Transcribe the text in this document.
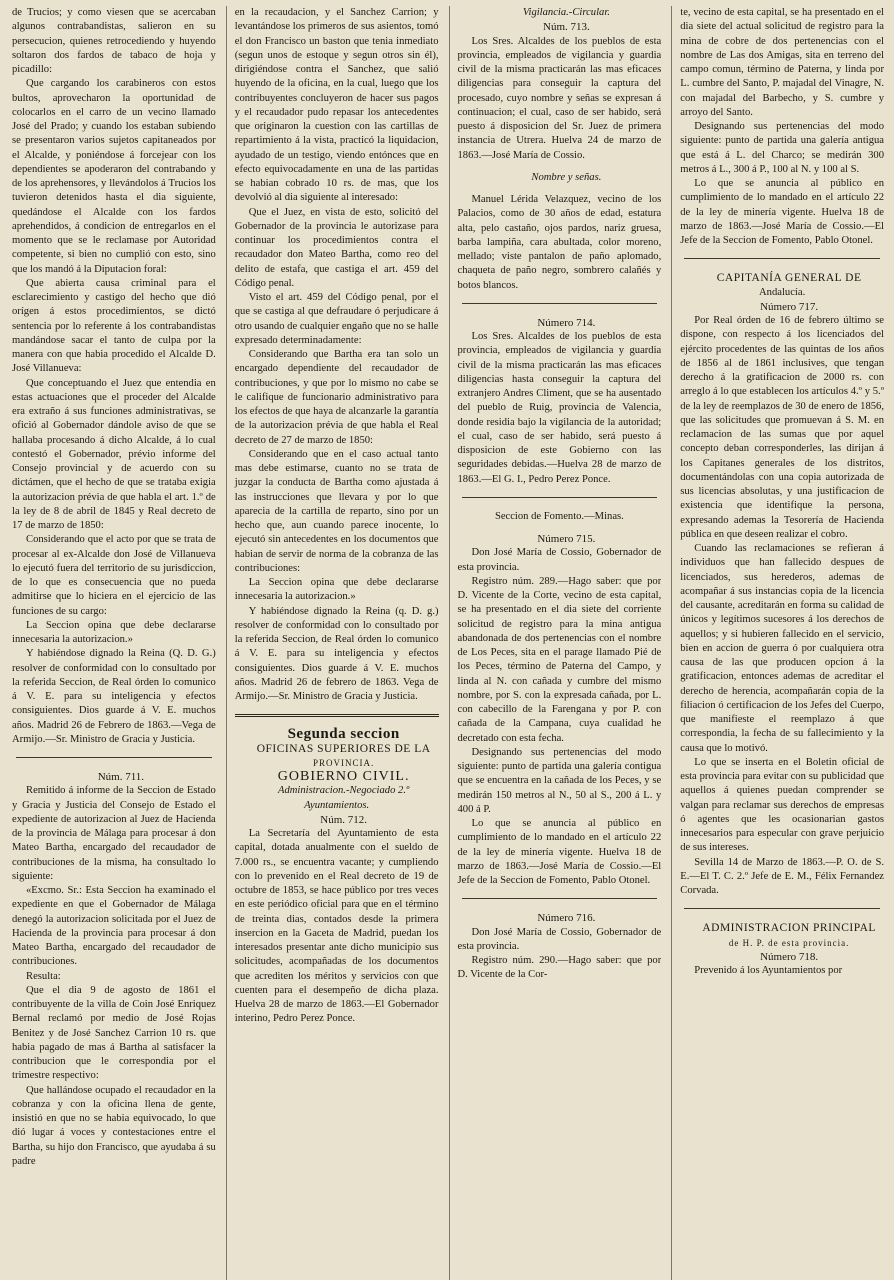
de Trucios; y como viesen que se acercaban algunos contrabandistas, salieron en su persecucion, quienes retrocediendo y huyendo soltaron dos fardos de tabaco de hoja y picadillo:

Que cargando los carabineros con estos bultos, aprovecharon la oportunidad de colocarlos en el carro de un vecino llamado José del Prado; y cuando los estaban subiendo se presentaron varios sujetos capitaneados por el Alcalde, y poniéndose á forcejear con los dependientes se apoderaron del contrabando y de los aprehensores, y llevándolos á Trucios los tuvieron detenidos hasta el dia siguiente, quedándose el Alcalde con los fardos aprehendidos, á condicion de entregarlos en el momento que se le reclamase por Autoridad competente, si bien no cumplió con esto, sino que los mandó á la Diputacion foral:

Que abierta causa criminal para el esclarecimiento y castigo del hecho que dió orígen á estos procedimientos, se dictó sentencia por lo referente á los contrabandistas mandándose sacar el tanto de culpa por la manera con que habia procedido el Alcalde D. José Villanueva:

Que conceptuando el Juez que entendia en estas actuaciones que el proceder del Alcalde era extraño á sus funciones administrativas, se ofició al Gobernador dándole aviso de que se hallaba procesando á dicho Alcalde, á lo cual contestó el Gobernador, prévio informe del Consejo provincial y de acuerdo con su dictámen, que el hecho de que se trataba exigia la autorizacion prévia de que habla el art. 1.º de la ley de 8 de abril de 1845 y Real decreto de 17 de marzo de 1850:

Considerando que el acto por que se trata de procesar al ex-Alcalde don José de Villanueva lo ejecutó fuera del territorio de su jurisdiccion, de lo que es consecuencia que no pueda admitirse que lo hiciera en el ejercicio de las funciones de su cargo:

La Seccion opina que debe declararse innecesaria la autorizacion.»

Y habiéndose dignado la Reina (Q. D. G.) resolver de conformidad con lo consultado por la referida Seccion, de Real órden lo comunico á V. E. para su inteligencia y efectos consiguientes. Dios guarde á V. E. muchos años. Madrid 26 de Febrero de 1863.—Vega de Armijo.—Sr. Ministro de Gracia y Justicia.

Núm. 711.

Remitido á informe de la Seccion de Estado y Gracia y Justicia del Consejo de Estado el expediente de autorizacion al Juez de Hacienda de la provincia de Málaga para procesar á don Mateo Bartha, encargado del recaudador de contribuciones de la misma, ha consultado lo siguiente:

«Excmo. Sr.: Esta Seccion ha examinado el expediente en que el Gobernador de Málaga denegó la autorizacion solicitada por el Juez de Hacienda de la provincia para procesar á don Mateo Bartha, encargado del recaudador de contribuciones.

Resulta:

Que el dia 9 de agosto de 1861 el contribuyente de la villa de Coin José Enriquez Bernal reclamó por medio de José Rojas Benitez y de José Sanchez Carrion 10 rs. que habia pagado de mas á Bartha al satisfacer la contribucion que le correspondia por el trimestre respectivo:

Que hallándose ocupado el recaudador en la cobranza y con la oficina llena de gente, insistió en que no se habia equivocado, lo que dió lugar á voces y contestaciones entre el Bartha, su hijo don Francisco, que ayudaba á su padre

en la recaudacion, y el Sanchez Carrion; y levantándose los primeros de sus asientos, tomó el don Francisco un baston que tenia inmediato (segun unos de estoque y segun otros sin él), dirigiéndose contra el Sanchez, que salió huyendo de la oficina, en la cual, luego que los contribuyentes concluyeron de hacer sus pagos y el recaudador pudo repasar los antecedentes que originaron la cuestion con las cartillas de repartimiento á la vista, practicó la liquidacion, ayudado de un testigo, viendo entónces que en efecto equivocadamente en una de las partidas se habian cobrado 10 rs. de mas, que los devolvió al dia siguiente al interesado:

Que el Juez, en vista de esto, solicitó del Gobernador de la provincia le autorizase para continuar los procedimientos contra el recaudador don Mateo Bartha, como reo del delito de estafa, que castiga el art. 459 del Código penal.

Visto el art. 459 del Código penal, por el que se castiga al que defraudare ó perjudicare á otro usando de cualquier engaño que no se halle expresado determinadamente:

Considerando que Bartha era tan solo un encargado dependiente del recaudador de contribuciones, y que por lo mismo no cabe se le califique de funcionario administrativo para los efectos de que haya de alcanzarle la garantía de la autorizacion prévia de que habla el Real decreto de 27 de marzo de 1850:

Considerando que en el caso actual tanto mas debe estimarse, cuanto no se trata de juzgar la conducta de Bartha como ajustada á las instrucciones que llevara y por lo que aparecia de la cartilla de reparto, sino por un hecho que, aun cuando parece inocente, lo ejecutó sin antecedentes en los documentos que habian de servir de norma de la cobranza de las contribuciones:

La Seccion opina que debe declararse innecesaria la autorizacion.»

Y habiéndose dignado la Reina (q. D. g.) resolver de conformidad con lo consultado por la referida Seccion, de Real órden lo comunico á V. E. para su inteligencia y efectos consiguientes. Dios guarde á V. E. muchos años. Madrid 26 de febrero de 1863. Vega de Armijo.—Sr. Ministro de Gracia y Justicia.

Segunda seccion

OFICINAS SUPERIORES DE LA

PROVINCIA.

GOBIERNO CIVIL.

Administracion.-Negociado 2.º Ayuntamientos.

Núm. 712.

La Secretaría del Ayuntamiento de esta capital, dotada anualmente con el sueldo de 7.000 rs., se encuentra vacante; y cumpliendo con lo prevenido en el Real decreto de 19 de octubre de 1853, se hace público por tres veces en este periódico oficial para que en el término de treinta dias, contados desde la primera insercion en la Gaceta de Madrid, puedan los interesados presentar ante dicho municipio sus solicitudes, acompañadas de los documentos que acrediten los méritos y servicios con que cuenten para el desempeño de dicha plaza. Huelva 28 de marzo de 1863.—El Gobernador interino, Pedro Perez Ponce.

Vigilancia.-Circular.

Núm. 713.

Los Sres. Alcaldes de los pueblos de esta provincia, empleados de vigilancia y guardia civil de la misma practicarán las mas eficaces diligencias para conseguir la captura del procesado, cuyo nombre y señas se expresan á continuacion; el cual, caso de ser habido, será puesto á disposicion del Sr. Juez de primera instancia de Utrera. Huelva 24 de marzo de 1863.—José María de Cossio.

Nombre y señas.

Manuel Lérida Velazquez, vecino de los Palacios, como de 30 años de edad, estatura alta, pelo castaño, ojos pardos, nariz gruesa, barba lampiña, cara abultada, color moreno, mellado; viste pantalon de paño aplomado, chaqueta de paño negro, sombrero calañés y botos blancos.

Número 714.

Los Sres. Alcaldes de los pueblos de esta provincia, empleados de vigilancia y guardia civil de la misma practicarán las mas eficaces diligencias hasta conseguir la captura del extranjero Andres Climent, que se ha ausentado del pueblo de Ruig, provincia de Valencia, donde residia bajo la vigilancia de la autoridad; el cual, caso de ser habido, será puesto á disposicion de este Gobierno con las seguridades debidas.—Huelva 28 de marzo de 1863.—El G. I., Pedro Perez Ponce.

Seccion de Fomento.—Minas.

Número 715.

Don José María de Cossio, Gobernador de esta provincia.

Registro núm. 289.—Hago saber: que por D. Vicente de la Corte, vecino de esta capital, se ha presentado en el dia siete del corriente solicitud de registro para la mina antigua abandonada de dos pertenencias con el nombre de Los Peces, sita en el parage llamado Pié de los Peces, término de Paterna del Campo, y linda al N. con cañada y cumbre del mismo nombre, por S. con la expresada cañada, por L. con cabecillo de la Farengana y por P. con cañada de la Campana, cuya cualidad he decretado con esta fecha.

Designando sus pertenencias del modo siguiente: punto de partida una galería contigua que se encuentra en la cañada de los Peces, y se medirán 150 metros al N., 50 al S., 200 á L. y 400 á P.

Lo que se anuncia al público en cumplimiento de lo mandado en el artículo 22 de la ley de minería vigente. Huelva 18 de marzo de 1863.—José María de Cossio.—El Jefe de la Seccion de Fomento, Pablo Otonel.

Número 716.

Don José María de Cossio, Gobernador de esta provincia.

Registro núm. 290.—Hago saber: que por D. Vicente de la Cor-

te, vecino de esta capital, se ha presentado en el dia siete del actual solicitud de registro para la mina de cobre de dos pertenencias con el nombre de Las dos Amigas, sita en terreno del campo comun, término de Paterna, y linda por L. cumbre del Santo, P. majadal del Vinagre, N. con majadal del Barbecho, y S. cumbre y arroyo del Santo.

Designando sus pertenencias del modo siguiente: punto de partida una galería antigua que está á L. del Charco; se medirán 300 metros á L., 300 á P., 100 al N. y 100 al S.

Lo que se anuncia al público en cumplimiento de lo mandado en el artículo 22 de la ley de minería vigente. Huelva 18 de marzo de 1863.—José María de Cossio.—El Jefe de la Seccion de Fomento, Pablo Otonel.

CAPITANÍA GENERAL DE

Andalucía.

Número 717.

Por Real órden de 16 de febrero último se dispone, con respecto á los licenciados del ejército procedentes de las quintas de los años de 1856 al de 1861 inclusives, que tengan derecho á la gratificacion de 2000 rs. con arreglo á lo que establecen los artículos 4.º y 5.º de la ley de reemplazos de 30 de enero de 1856, que las solicitudes que promuevan á S. M. en reclamacion de las sumas que por aquel concepto deban corresponderles, las dirijan á los Capitanes generales de los distritos, documentándolas con una copia autorizada de sus licencias absolutas, y una justificacion de existencia que identifique la persona, expresando ademas la Tesorería de Hacienda pública en que deseen realizar el cobro.

Cuando las reclamaciones se refieran á individuos que han fallecido despues de licenciados, sus herederos, ademas de acompañar á sus instancias copia de la licencia del causante, acreditarán en forma su calidad de únicos y legítimos sucesores á los derechos de aquellos; y si hubieren fallecido en el servicio, bien en accion de guerra ó por cualquiera otra causa de las que producen opcion á la gratificacion, entonces ademas de acreditar el derecho de herencia, acompañarán copia de la filiacion ó certificacion de los Jefes del Cuerpo, que manifieste el reemplazo á que correspondia, la fecha de su fallecimiento y la causa que lo motivó.

Lo que se inserta en el Boletin oficial de esta provincia para evitar con su publicidad que aquellos á quienes puedan comprender se valgan para reclamar sus derechos de empresas ó agentes que les ocasionarian gastos innecesarios para especular con grave perjuicio de sus intereses.

Sevilla 14 de Marzo de 1863.—P. O. de S. E.—El T. C. 2.º Jefe de E. M., Félix Fernandez Corvada.

ADMINISTRACION PRINCIPAL

de H. P. de esta provincia.

Número 718.

Prevenido á los Ayuntamientos por
